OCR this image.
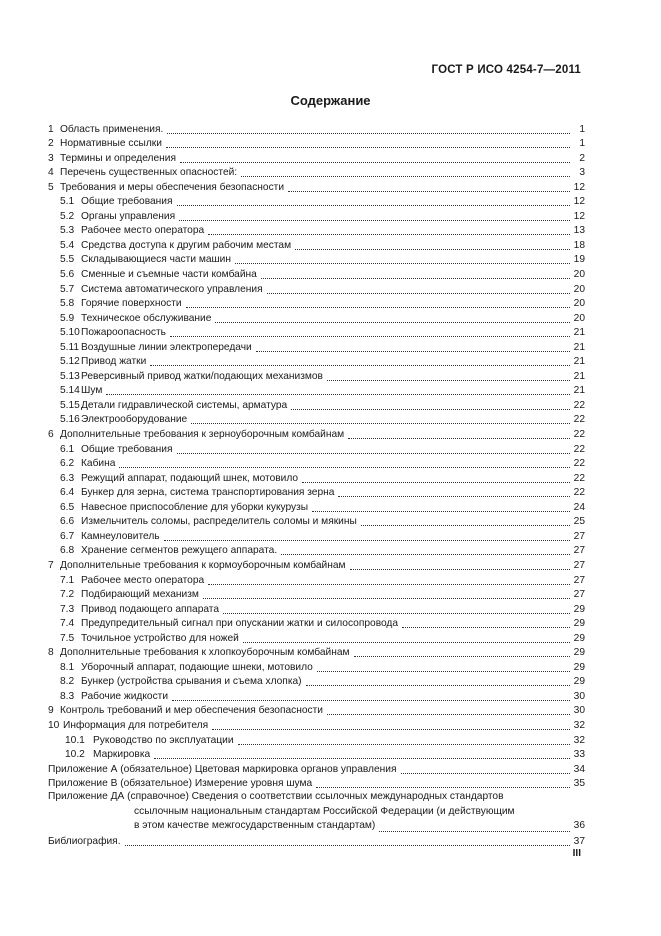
ГОСТ Р ИСО 4254-7—2011
Содержание
1 Область применения.	1
2 Нормативные ссылки	1
3 Термины и определения	2
4 Перечень существенных опасностей:	3
5 Требования и меры обеспечения безопасности	12
5.1 Общие требования	12
5.2 Органы управления	12
5.3 Рабочее место оператора	13
5.4 Средства доступа к другим рабочим местам	18
5.5 Складывающиеся части машин	19
5.6 Сменные и съемные части комбайна	20
5.7 Система автоматического управления	20
5.8 Горячие поверхности	20
5.9 Техническое обслуживание	20
5.10 Пожароопасность	21
5.11 Воздушные линии электропередачи	21
5.12 Привод жатки	21
5.13 Реверсивный привод жатки/подающих механизмов	21
5.14 Шум	21
5.15 Детали гидравлической системы, арматура	22
5.16 Электрооборудование	22
6 Дополнительные требования к зерноуборочным комбайнам	22
6.1 Общие требования	22
6.2 Кабина	22
6.3 Режущий аппарат, подающий шнек, мотовило	22
6.4 Бункер для зерна, система транспортирования зерна	22
6.5 Навесное приспособление для уборки кукурузы	24
6.6 Измельчитель соломы, распределитель соломы и мякины	25
6.7 Камнеуловитель	27
6.8 Хранение сегментов режущего аппарата.	27
7 Дополнительные требования к кормоуборочным комбайнам	27
7.1 Рабочее место оператора	27
7.2 Подбирающий механизм	27
7.3 Привод подающего аппарата	29
7.4 Предупредительный сигнал при опускании жатки и силосопровода	29
7.5 Точильное устройство для ножей	29
8 Дополнительные требования к хлопкоуборочным комбайнам	29
8.1 Уборочный аппарат, подающие шнеки, мотовило	29
8.2 Бункер (устройства срывания и съема хлопка)	29
8.3 Рабочие жидкости	30
9 Контроль требований и мер обеспечения безопасности	30
10 Информация для потребителя	32
10.1 Руководство по эксплуатации	32
10.2 Маркировка	33
Приложение А (обязательное) Цветовая маркировка органов управления	34
Приложение В (обязательное) Измерение уровня шума	35
Приложение ДА (справочное) Сведения о соответствии ссылочных международных стандартов
ссылочным национальным стандартам Российской Федерации (и действующим
в этом качестве межгосударственным стандартам)	36
Библиография.	37
III
